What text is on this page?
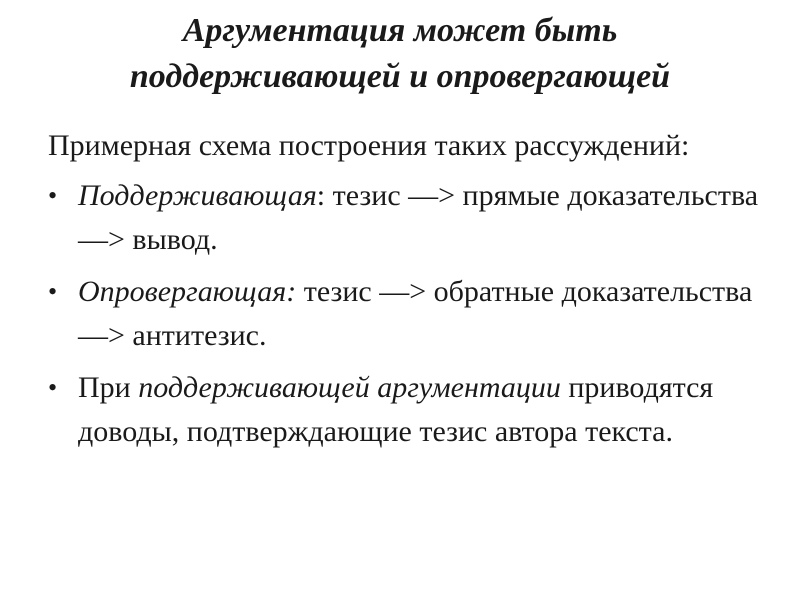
Аргументация может быть
поддерживающей и опровергающей

Примерная схема построения таких рассуждений:

• Поддерживающая: тезис —> прямые доказательства —> вывод.
• Опровергающая: тезис —> обратные доказательства —> антитезис.
• При поддерживающей аргументации приводятся доводы, подтверждающие тезис автора текста.
